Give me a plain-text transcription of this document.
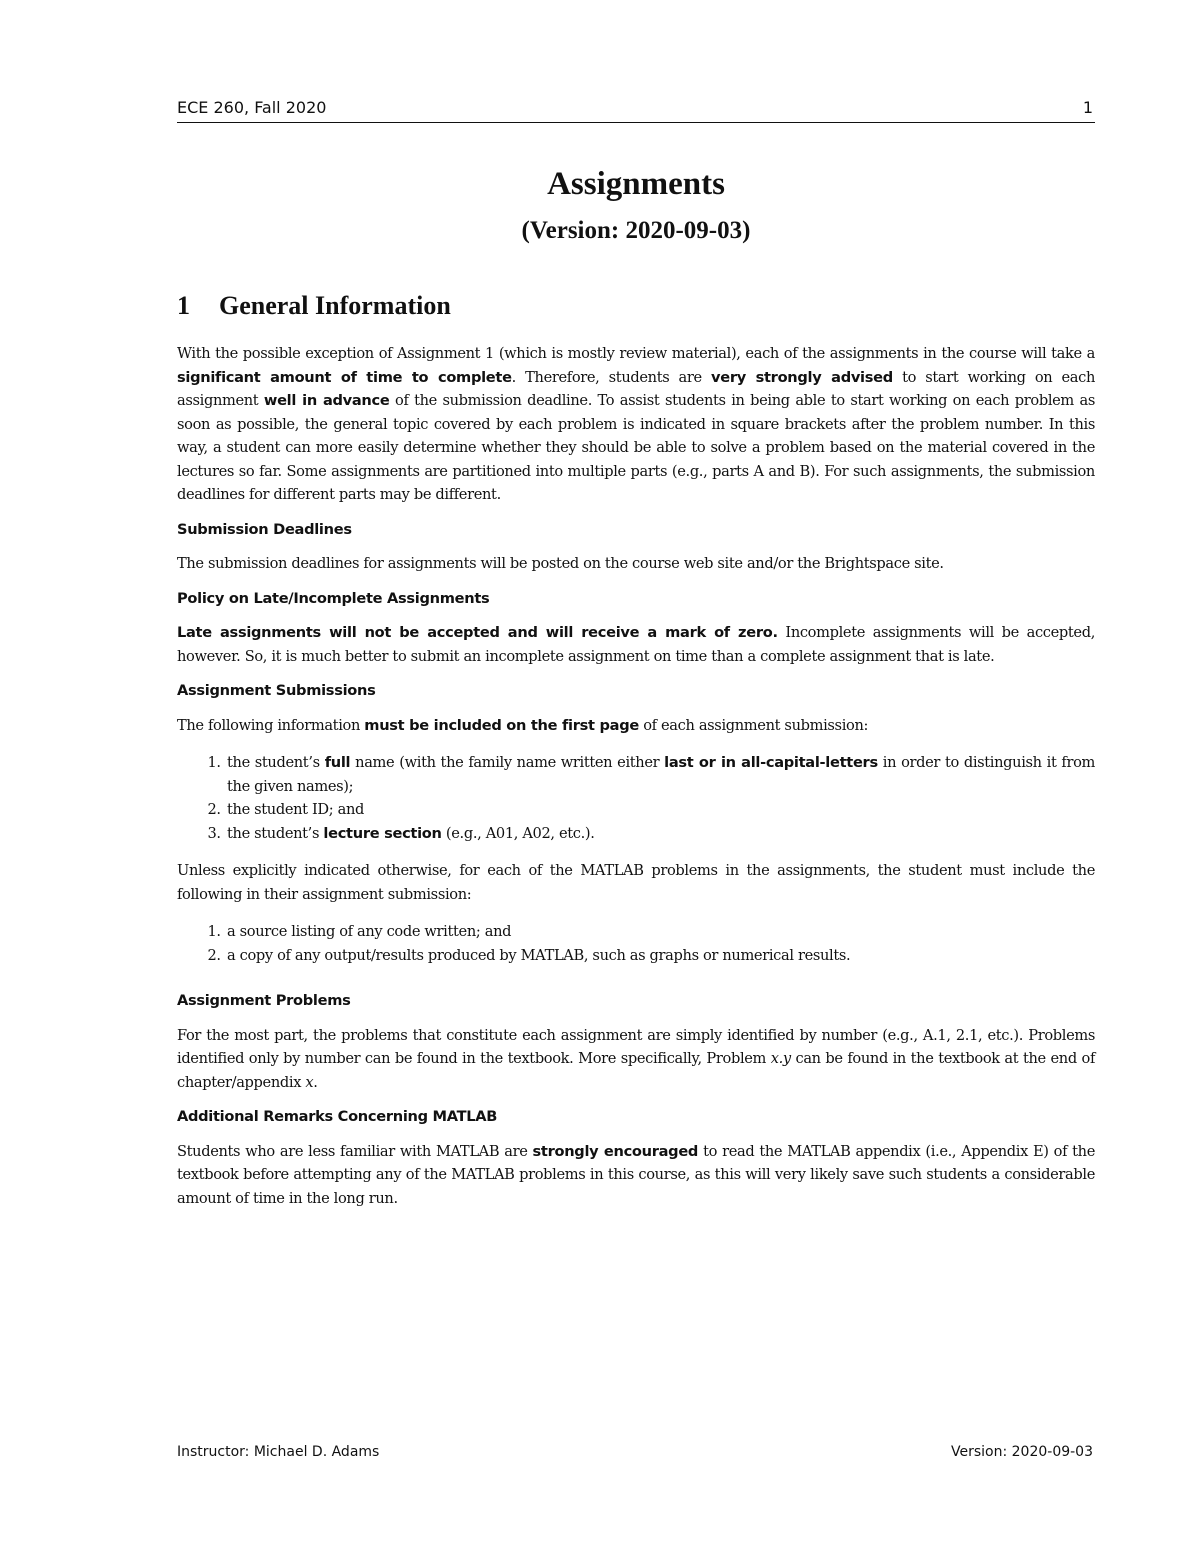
ECE 260, Fall 2020	1
Assignments
(Version: 2020-09-03)
1 General Information

With the possible exception of Assignment 1 (which is mostly review material), each of the assignments in the course will take a significant amount of time to complete. Therefore, students are very strongly advised to start working on each assignment well in advance of the submission deadline. To assist students in being able to start working on each problem as soon as possible, the general topic covered by each problem is indicated in square brackets after the problem number. In this way, a student can more easily determine whether they should be able to solve a problem based on the material covered in the lectures so far. Some assignments are partitioned into multiple parts (e.g., parts A and B). For such assignments, the submission deadlines for different parts may be different.

Submission Deadlines

The submission deadlines for assignments will be posted on the course web site and/or the Brightspace site.

Policy on Late/Incomplete Assignments

Late assignments will not be accepted and will receive a mark of zero. Incomplete assignments will be accepted, however. So, it is much better to submit an incomplete assignment on time than a complete assignment that is late.

Assignment Submissions

The following information must be included on the first page of each assignment submission:

1. the student’s full name (with the family name written either last or in all-capital-letters in order to distinguish it from the given names);
2. the student ID; and
3. the student’s lecture section (e.g., A01, A02, etc.).

Unless explicitly indicated otherwise, for each of the MATLAB problems in the assignments, the student must include the following in their assignment submission:

1. a source listing of any code written; and
2. a copy of any output/results produced by MATLAB, such as graphs or numerical results.
Assignment Problems

For the most part, the problems that constitute each assignment are simply identified by number (e.g., A.1, 2.1, etc.). Problems identified only by number can be found in the textbook. More specifically, Problem x.y can be found in the textbook at the end of chapter/appendix x.

Additional Remarks Concerning MATLAB

Students who are less familiar with MATLAB are strongly encouraged to read the MATLAB appendix (i.e., Appendix E) of the textbook before attempting any of the MATLAB problems in this course, as this will very likely save such students a considerable amount of time in the long run.

Instructor: Michael D. Adams	Version: 2020-09-03
